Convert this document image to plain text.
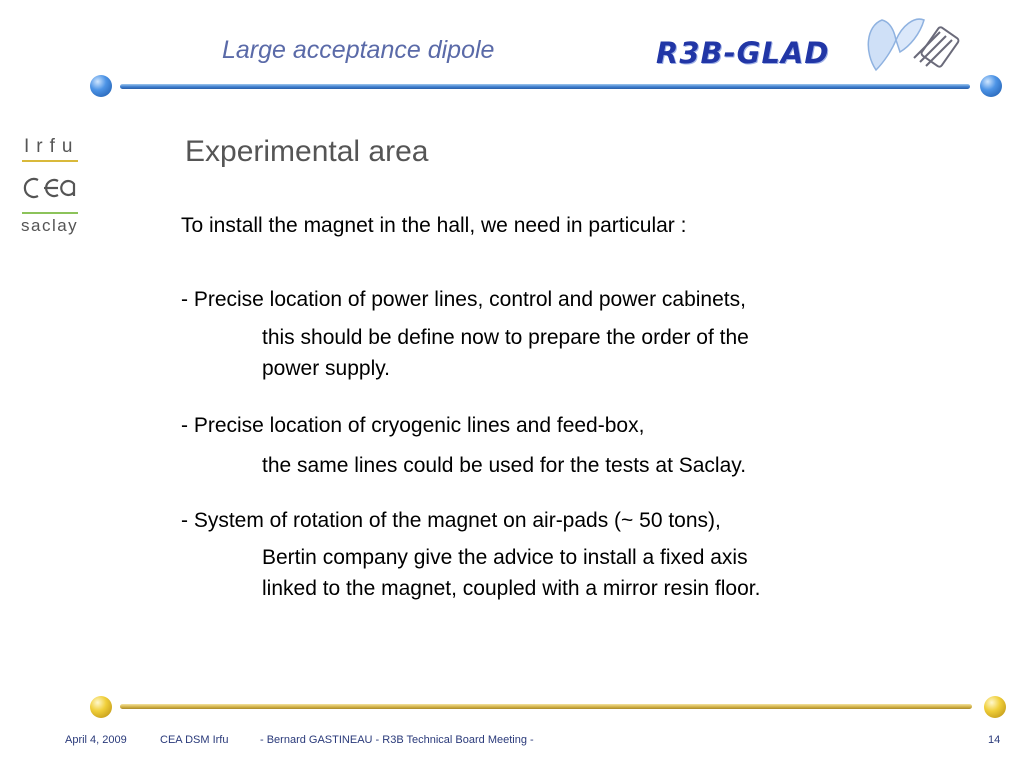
Large acceptance dipole	R3B-GLAD
Irfu
saclay
Experimental area
To install the magnet in the hall, we need in particular :
- Precise location of power lines, control and power cabinets,
this should be define now to prepare the order of the
power supply.
- Precise location of cryogenic lines and feed-box,
the same lines could be used for the tests at Saclay.
- System of rotation of the magnet on air-pads (~ 50 tons),
Bertin company give the advice to install a fixed axis
linked to the magnet, coupled with a mirror resin floor.
April 4, 2009	CEA DSM Irfu	- Bernard GASTINEAU - R3B Technical Board Meeting -	14
